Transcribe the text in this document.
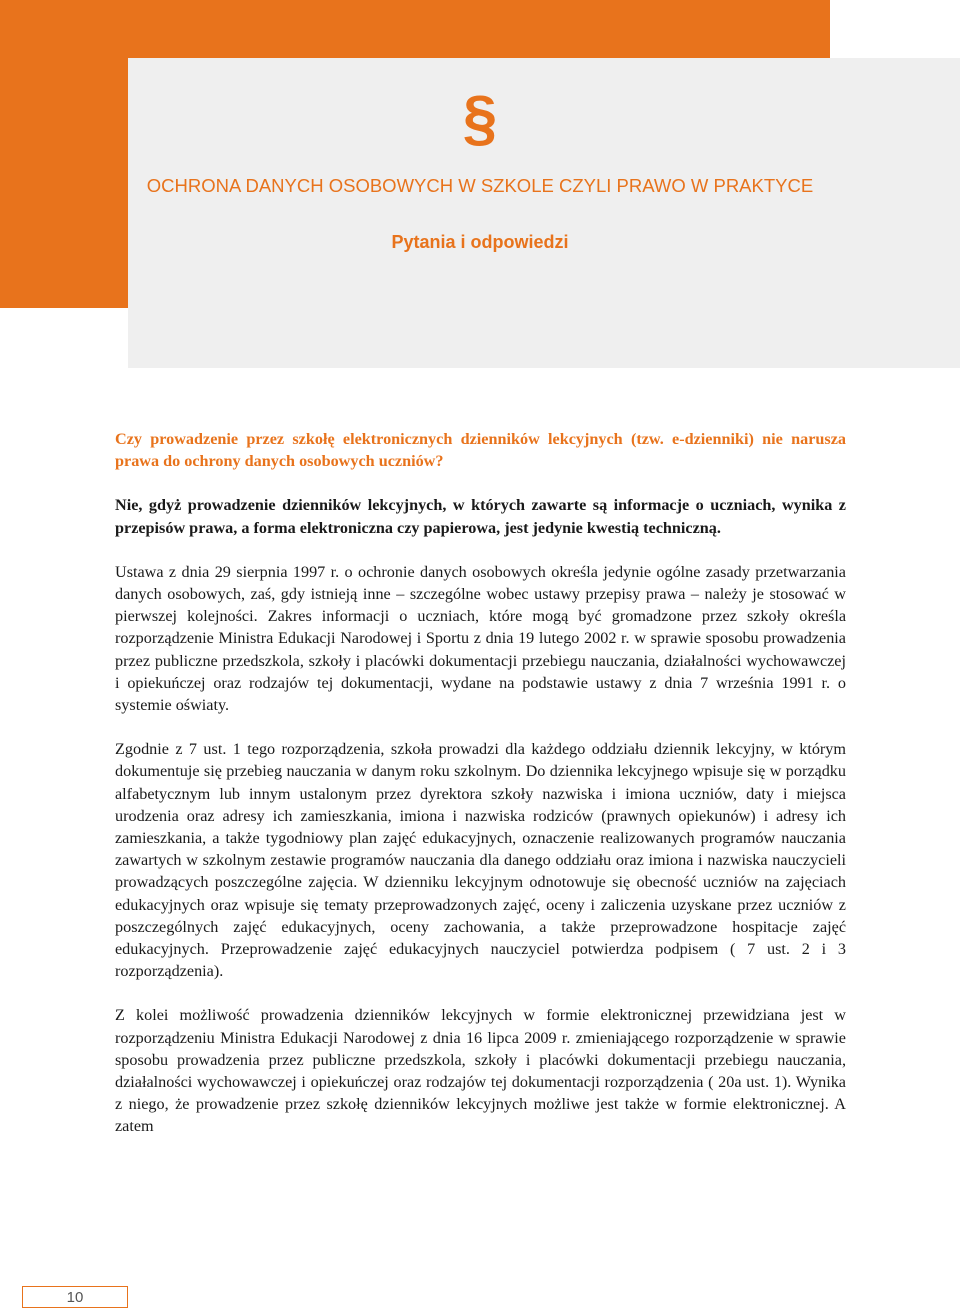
§
OCHRONA DANYCH OSOBOWYCH W SZKOLE CZYLI PRAWO W PRAKTYCE
Pytania i odpowiedzi

Czy prowadzenie przez szkołę elektronicznych dzienników lekcyjnych (tzw. e-dzienniki) nie narusza prawa do ochrony danych osobowych uczniów?

Nie, gdyż prowadzenie dzienników lekcyjnych, w których zawarte są informacje o uczniach, wynika z przepisów prawa, a forma elektroniczna czy papierowa, jest jedynie kwestią techniczną.

Ustawa z dnia 29 sierpnia 1997 r. o ochronie danych osobowych określa jedynie ogólne zasady przetwarzania danych osobowych, zaś, gdy istnieją inne – szczególne wobec ustawy przepisy prawa – należy je stosować w pierwszej kolejności. Zakres informacji o uczniach, które mogą być gromadzone przez szkoły określa rozporządzenie Ministra Edukacji Narodowej i Sportu z dnia 19 lutego 2002 r. w sprawie sposobu prowadzenia przez publiczne przedszkola, szkoły i placówki dokumentacji przebiegu nauczania, działalności wychowawczej i opiekuńczej oraz rodzajów tej dokumentacji, wydane na podstawie ustawy z dnia 7 września 1991 r. o systemie oświaty.

Zgodnie z 7 ust. 1 tego rozporządzenia, szkoła prowadzi dla każdego oddziału dziennik lekcyjny, w którym dokumentuje się przebieg nauczania w danym roku szkolnym. Do dziennika lekcyjnego wpisuje się w porządku alfabetycznym lub innym ustalonym przez dyrektora szkoły nazwiska i imiona uczniów, daty i miejsca urodzenia oraz adresy ich zamieszkania, imiona i nazwiska rodziców (prawnych opiekunów) i adresy ich zamieszkania, a także tygodniowy plan zajęć edukacyjnych, oznaczenie realizowanych programów nauczania zawartych w szkolnym zestawie programów nauczania dla danego oddziału oraz imiona i nazwiska nauczycieli prowadzących poszczególne zajęcia. W dzienniku lekcyjnym odnotowuje się obecność uczniów na zajęciach edukacyjnych oraz wpisuje się tematy przeprowadzonych zajęć, oceny i zaliczenia uzyskane przez uczniów z poszczególnych zajęć edukacyjnych, oceny zachowania, a także przeprowadzone hospitacje zajęć edukacyjnych. Przeprowadzenie zajęć edukacyjnych nauczyciel potwierdza podpisem ( 7 ust. 2 i 3 rozporządzenia).

Z kolei możliwość prowadzenia dzienników lekcyjnych w formie elektronicznej przewidziana jest w rozporządzeniu Ministra Edukacji Narodowej z dnia 16 lipca 2009 r. zmieniającego rozporządzenie w sprawie sposobu prowadzenia przez publiczne przedszkola, szkoły i placówki dokumentacji przebiegu nauczania, działalności wychowawczej i opiekuńczej oraz rodzajów tej dokumentacji rozporządzenia ( 20a ust. 1). Wynika z niego, że prowadzenie przez szkołę dzienników lekcyjnych możliwe jest także w formie elektronicznej. A zatem

10
